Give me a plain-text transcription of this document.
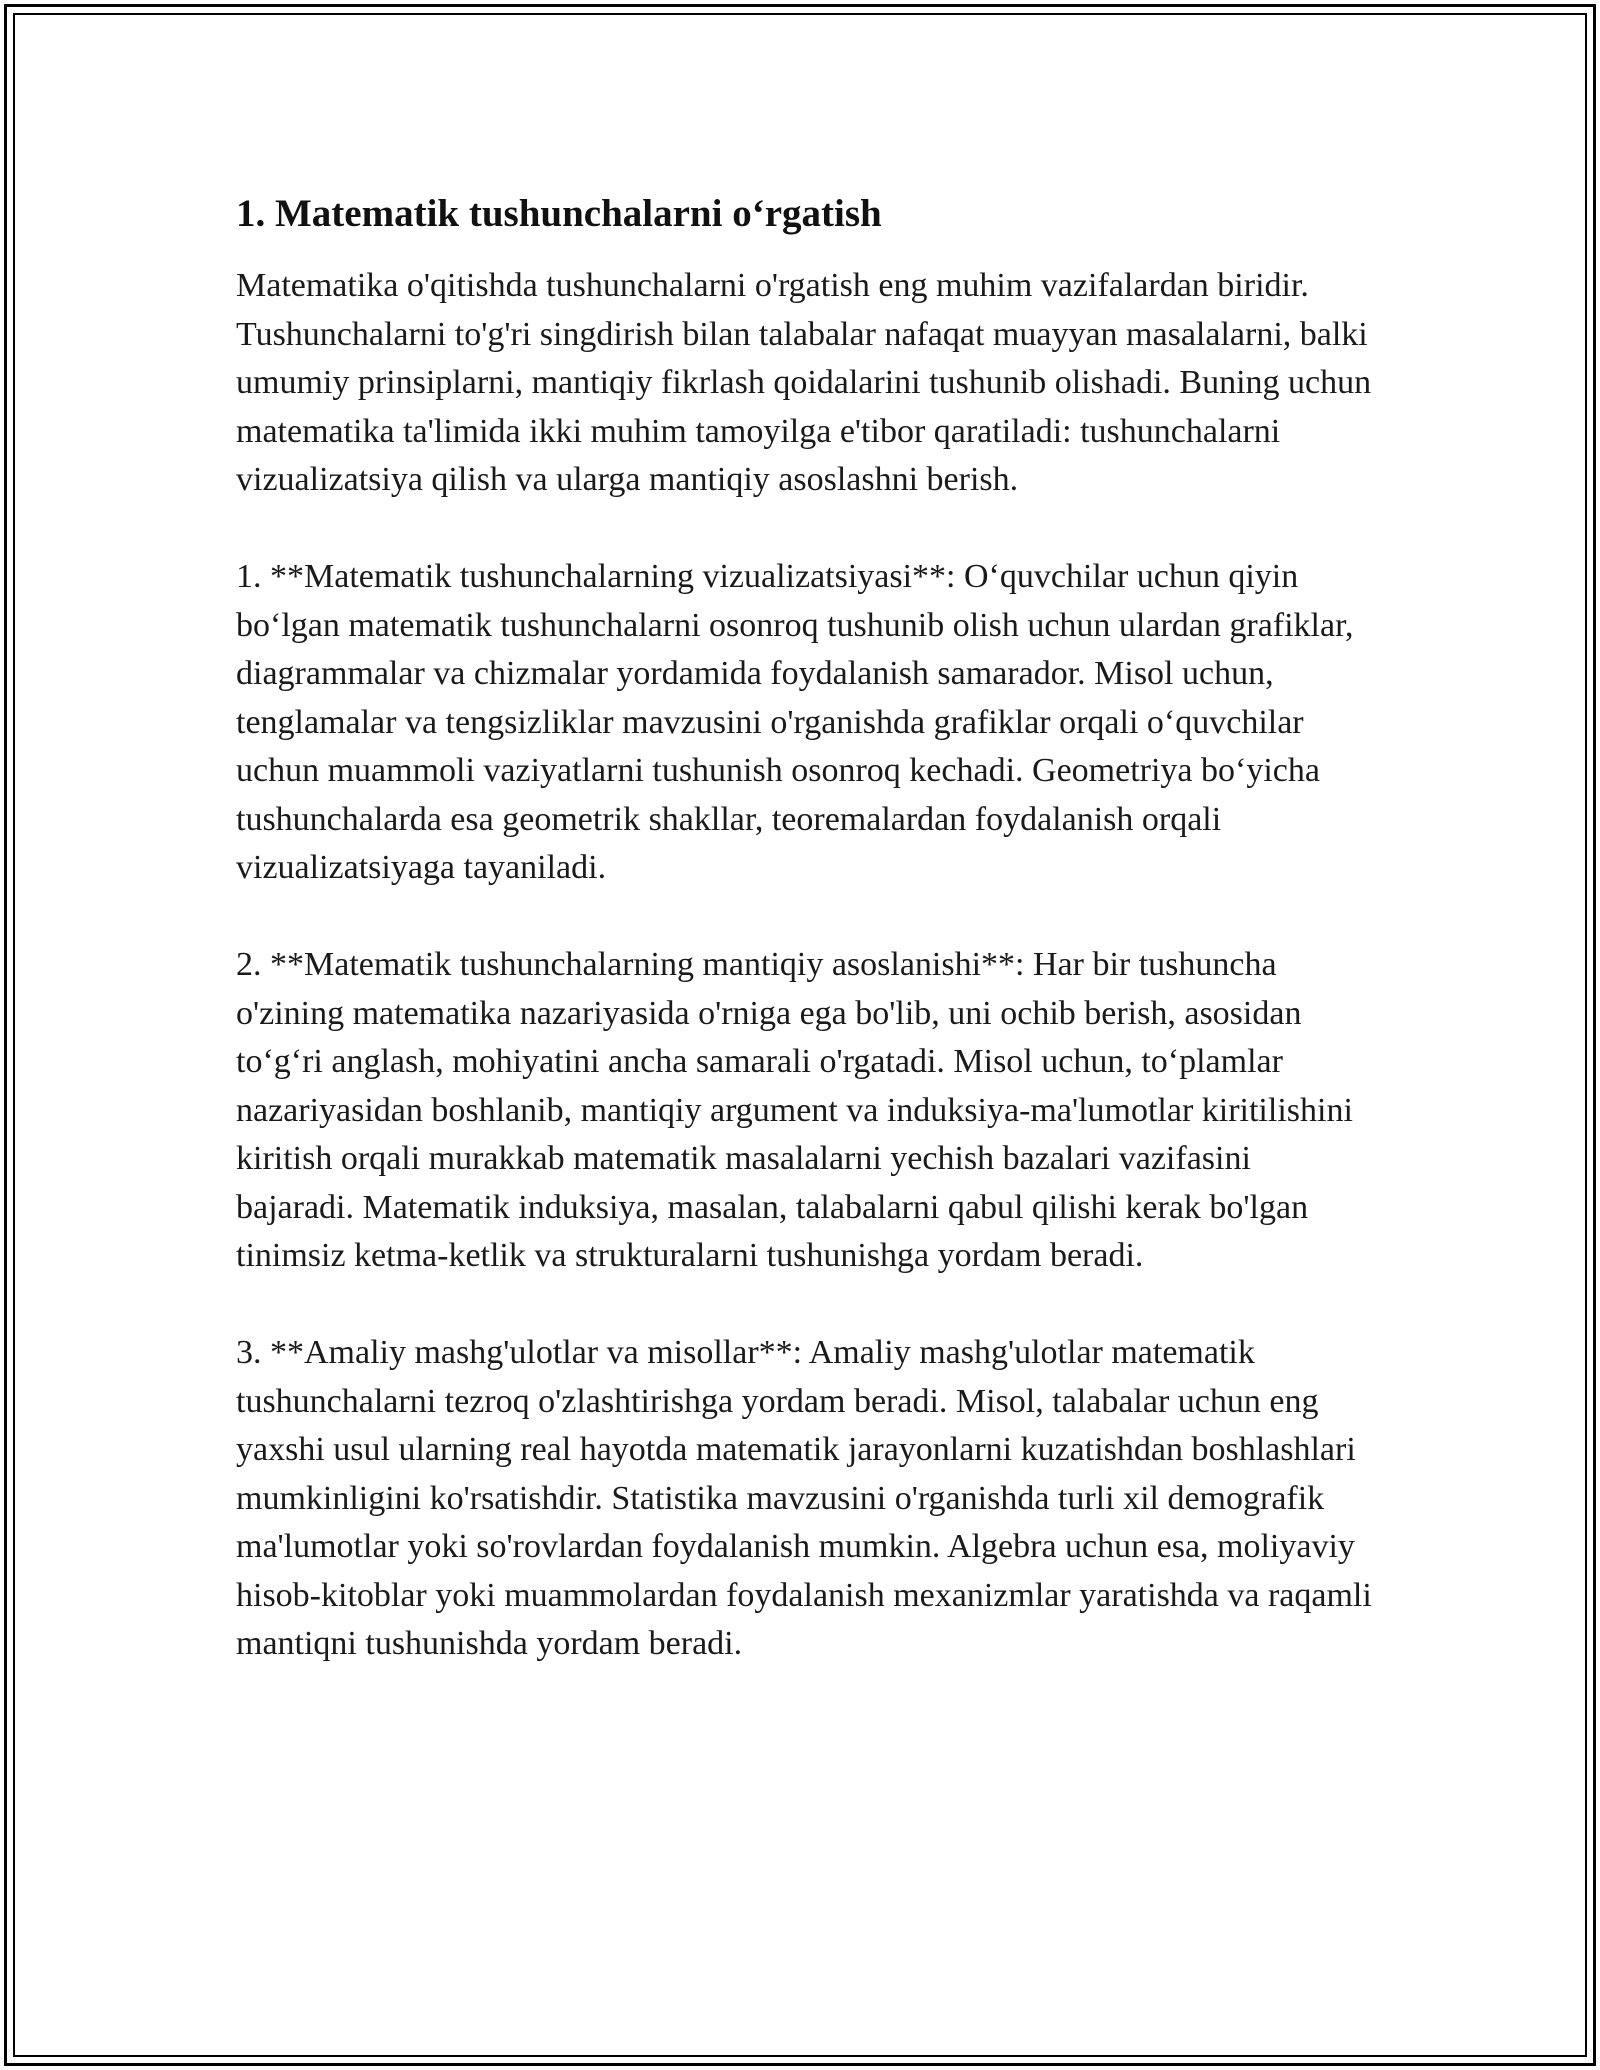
1. Matematik tushunchalarni o‘rgatish

Matematika o'qitishda tushunchalarni o'rgatish eng muhim vazifalardan biridir. Tushunchalarni to'g'ri singdirish bilan talabalar nafaqat muayyan masalalarni, balki umumiy prinsiplarni, mantiqiy fikrlash qoidalarini tushunib olishadi. Buning uchun matematika ta'limida ikki muhim tamoyilga e'tibor qaratiladi: tushunchalarni vizualizatsiya qilish va ularga mantiqiy asoslashni berish.

1. **Matematik tushunchalarning vizualizatsiyasi**: O‘quvchilar uchun qiyin bo‘lgan matematik tushunchalarni osonroq tushunib olish uchun ulardan grafiklar, diagrammalar va chizmalar yordamida foydalanish samarador. Misol uchun, tenglamalar va tengsizliklar mavzusini o'rganishda grafiklar orqali o‘quvchilar uchun muammoli vaziyatlarni tushunish osonroq kechadi. Geometriya bo‘yicha tushunchalarda esa geometrik shakllar, teoremalardan foydalanish orqali vizualizatsiyaga tayaniladi.

2. **Matematik tushunchalarning mantiqiy asoslanishi**: Har bir tushuncha o'zining matematika nazariyasida o'rniga ega bo'lib, uni ochib berish, asosidan to‘g‘ri anglash, mohiyatini ancha samarali o'rgatadi. Misol uchun, to‘plamlar nazariyasidan boshlanib, mantiqiy argument va induksiya-ma'lumotlar kiritilishini kiritish orqali murakkab matematik masalalarni yechish bazalari vazifasini bajaradi. Matematik induksiya, masalan, talabalarni qabul qilishi kerak bo'lgan tinimsiz ketma-ketlik va strukturalarni tushunishga yordam beradi.

3. **Amaliy mashg'ulotlar va misollar**: Amaliy mashg'ulotlar matematik tushunchalarni tezroq o'zlashtirishga yordam beradi. Misol, talabalar uchun eng yaxshi usul ularning real hayotda matematik jarayonlarni kuzatishdan boshlashlari mumkinligini ko'rsatishdir. Statistika mavzusini o'rganishda turli xil demografik ma'lumotlar yoki so'rovlardan foydalanish mumkin. Algebra uchun esa, moliyaviy hisob-kitoblar yoki muammolardan foydalanish mexanizmlar yaratishda va raqamli mantiqni tushunishda yordam beradi.
